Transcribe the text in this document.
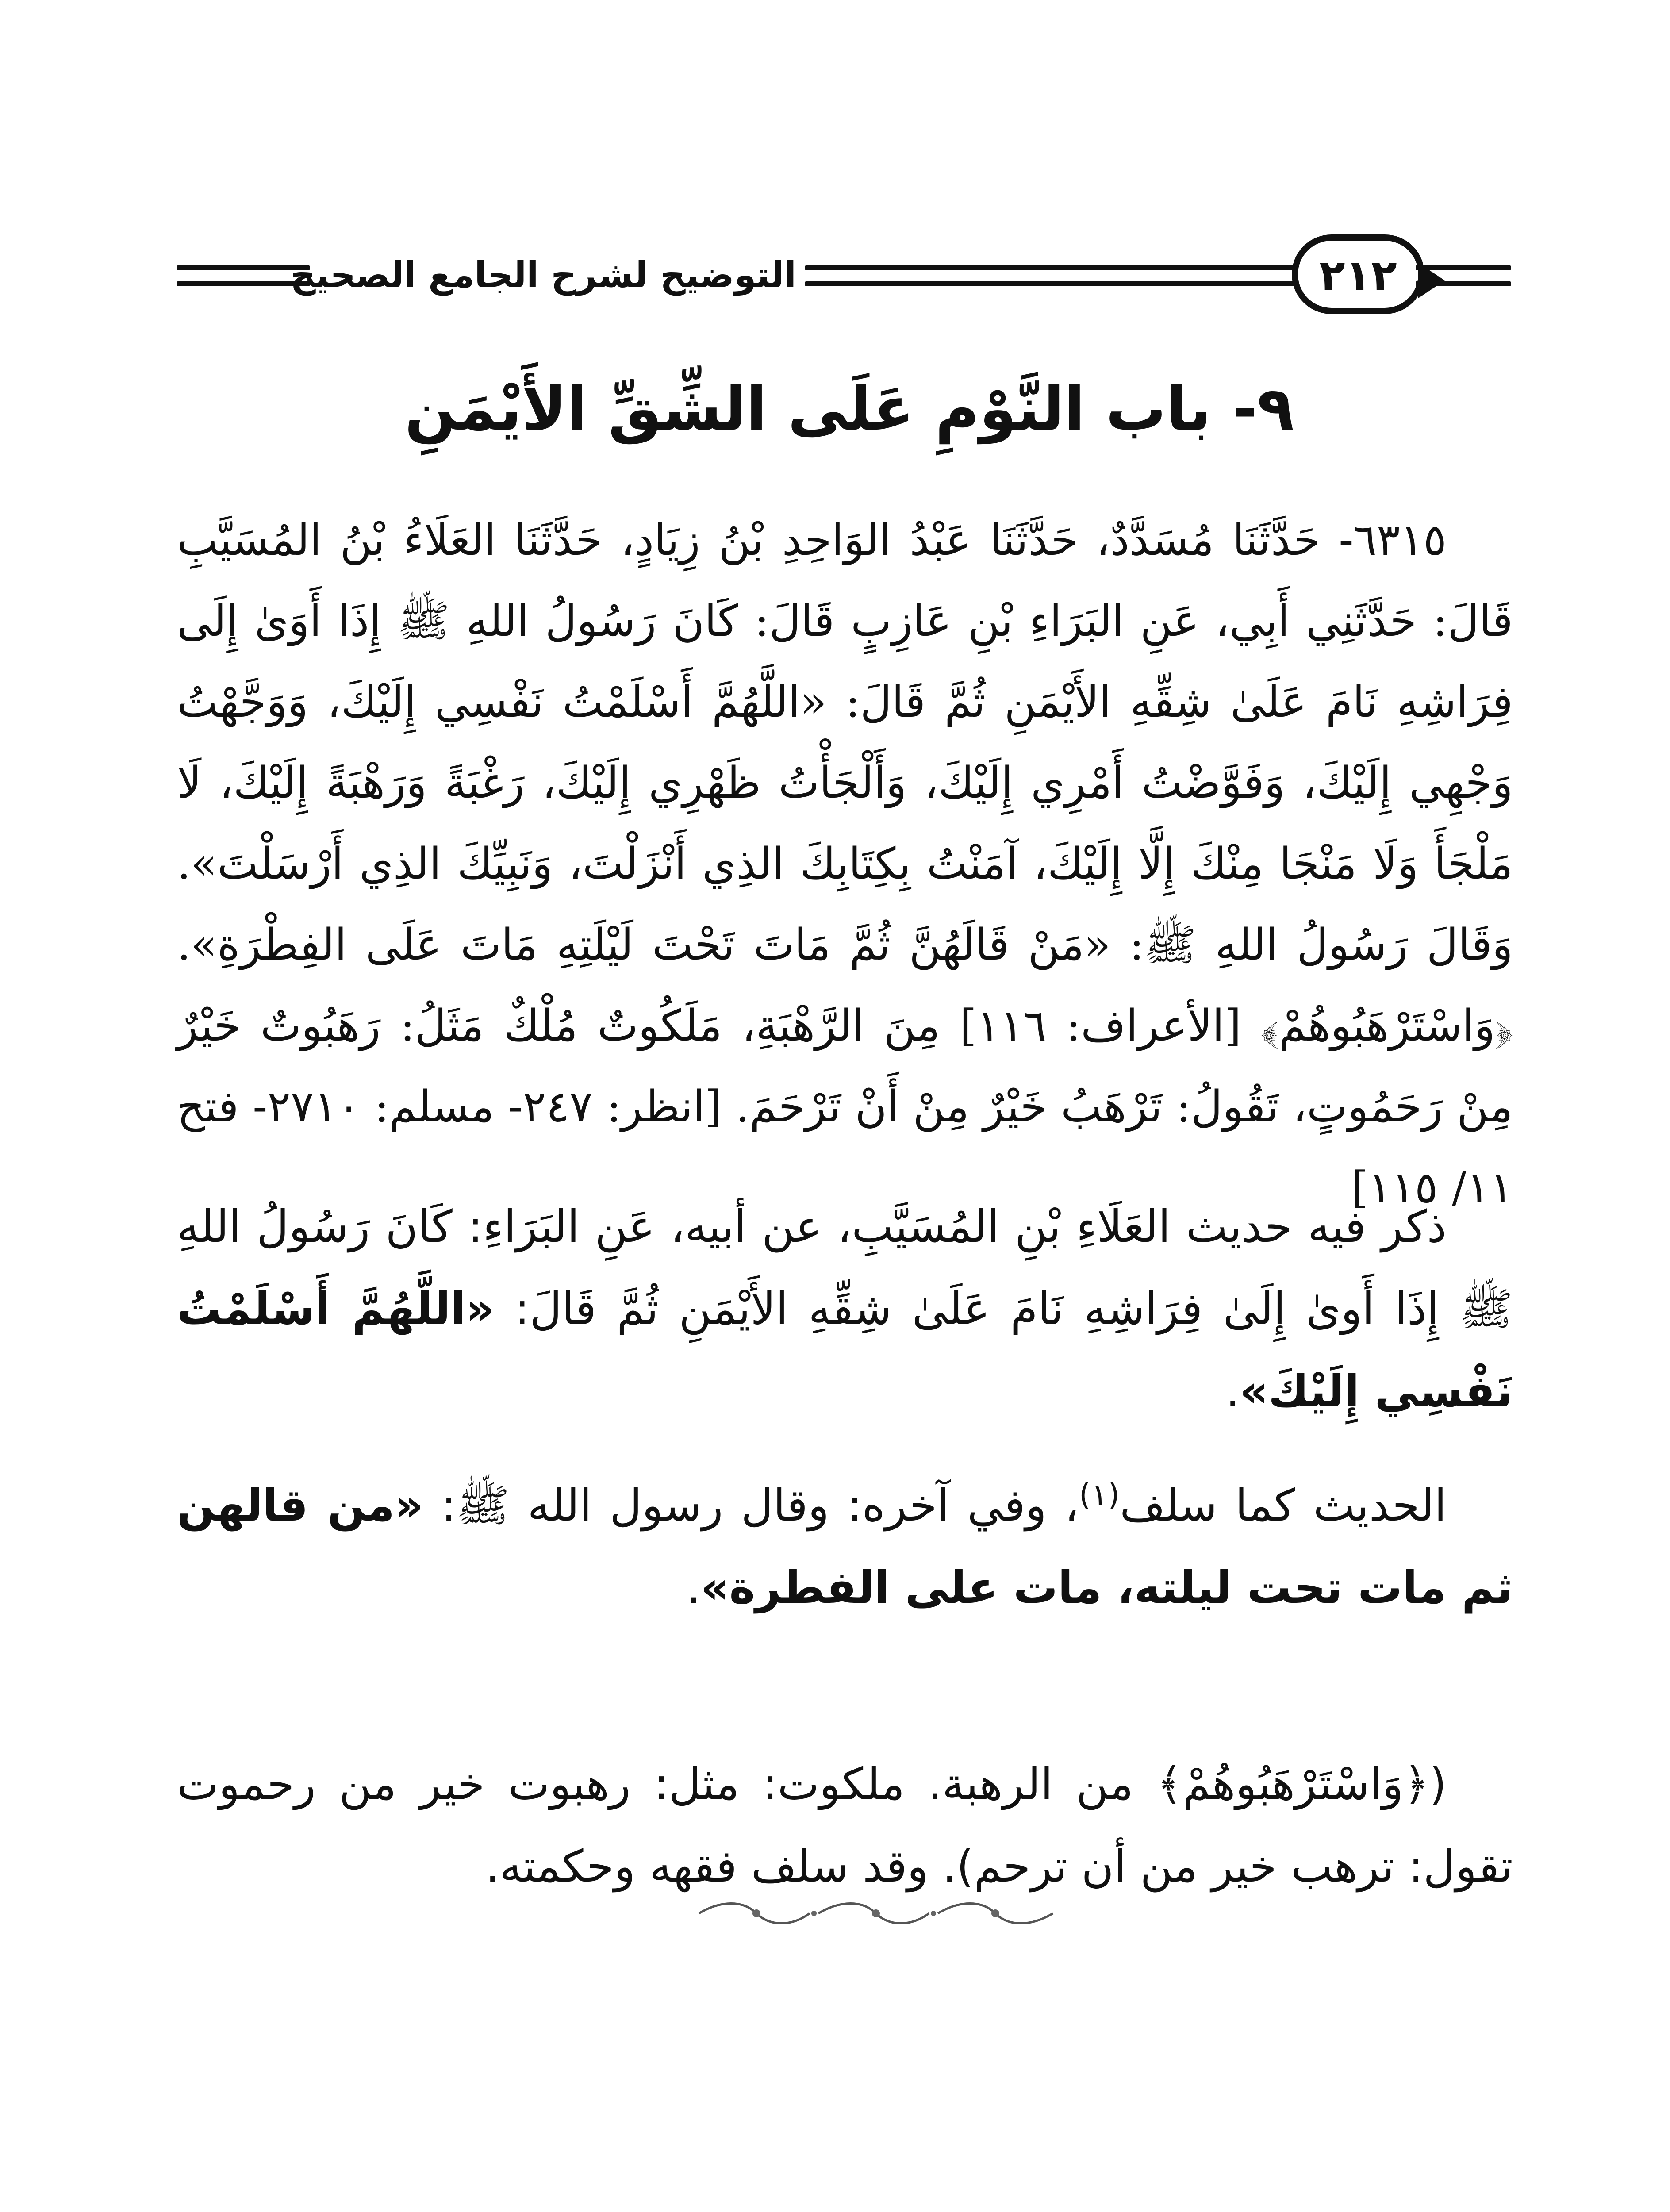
التوضيح لشرح الجامع الصحيح	٢١٢
٩- باب النَّوْمِ عَلَى الشِّقِّ الأَيْمَنِ
٦٣١٥- حَدَّثَنَا مُسَدَّدٌ، حَدَّثَنَا عَبْدُ الوَاحِدِ بْنُ زِيَادٍ، حَدَّثَنَا العَلَاءُ بْنُ المُسَيَّبِ قَالَ: حَدَّثَنِي أَبِي، عَنِ البَرَاءِ بْنِ عَازِبٍ قَالَ: كَانَ رَسُولُ اللهِ ﷺ إِذَا أَوَىٰ إِلَى فِرَاشِهِ نَامَ عَلَىٰ شِقِّهِ الأَيْمَنِ ثُمَّ قَالَ: «اللَّهُمَّ أَسْلَمْتُ نَفْسِي إِلَيْكَ، وَوَجَّهْتُ وَجْهِي إِلَيْكَ، وَفَوَّضْتُ أَمْرِي إِلَيْكَ، وَأَلْجَأْتُ ظَهْرِي إِلَيْكَ، رَغْبَةً وَرَهْبَةً إِلَيْكَ، لَا مَلْجَأَ وَلَا مَنْجَا مِنْكَ إِلَّا إِلَيْكَ، آمَنْتُ بِكِتَابِكَ الذِي أَنْزَلْتَ، وَنَبِيِّكَ الذِي أَرْسَلْتَ». وَقَالَ رَسُولُ اللهِ ﷺ: «مَنْ قَالَهُنَّ ثُمَّ مَاتَ تَحْتَ لَيْلَتِهِ مَاتَ عَلَى الفِطْرَةِ». ﴿وَاسْتَرْهَبُوهُمْ﴾ [الأعراف: ١١٦] مِنَ الرَّهْبَةِ، مَلَكُوتٌ مُلْكٌ مَثَلُ: رَهَبُوتٌ خَيْرٌ مِنْ رَحَمُوتٍ، تَقُولُ: تَرْهَبُ خَيْرٌ مِنْ أَنْ تَرْحَمَ. [انظر: ٢٤٧- مسلم: ٢٧١٠- فتح ١١/ ١١٥]
ذكر فيه حديث العَلَاءِ بْنِ المُسَيَّبِ، عن أبيه، عَنِ البَرَاءِ: كَانَ رَسُولُ اللهِ ﷺ إِذَا أَوىٰ إِلَىٰ فِرَاشِهِ نَامَ عَلَىٰ شِقِّهِ الأَيْمَنِ ثُمَّ قَالَ: «اللَّهُمَّ أَسْلَمْتُ نَفْسِي إِلَيْكَ».
الحديث كما سلف$^{(١)}$، وفي آخره: وقال رسول الله ﷺ: «من قالهن ثم مات تحت ليلته، مات على الفطرة».
(﴿وَاسْتَرْهَبُوهُمْ﴾ من الرهبة. ملكوت: مثل: رهبوت خير من رحموت تقول: ترهب خير من أن ترحم). وقد سلف فقهه وحكمته.
